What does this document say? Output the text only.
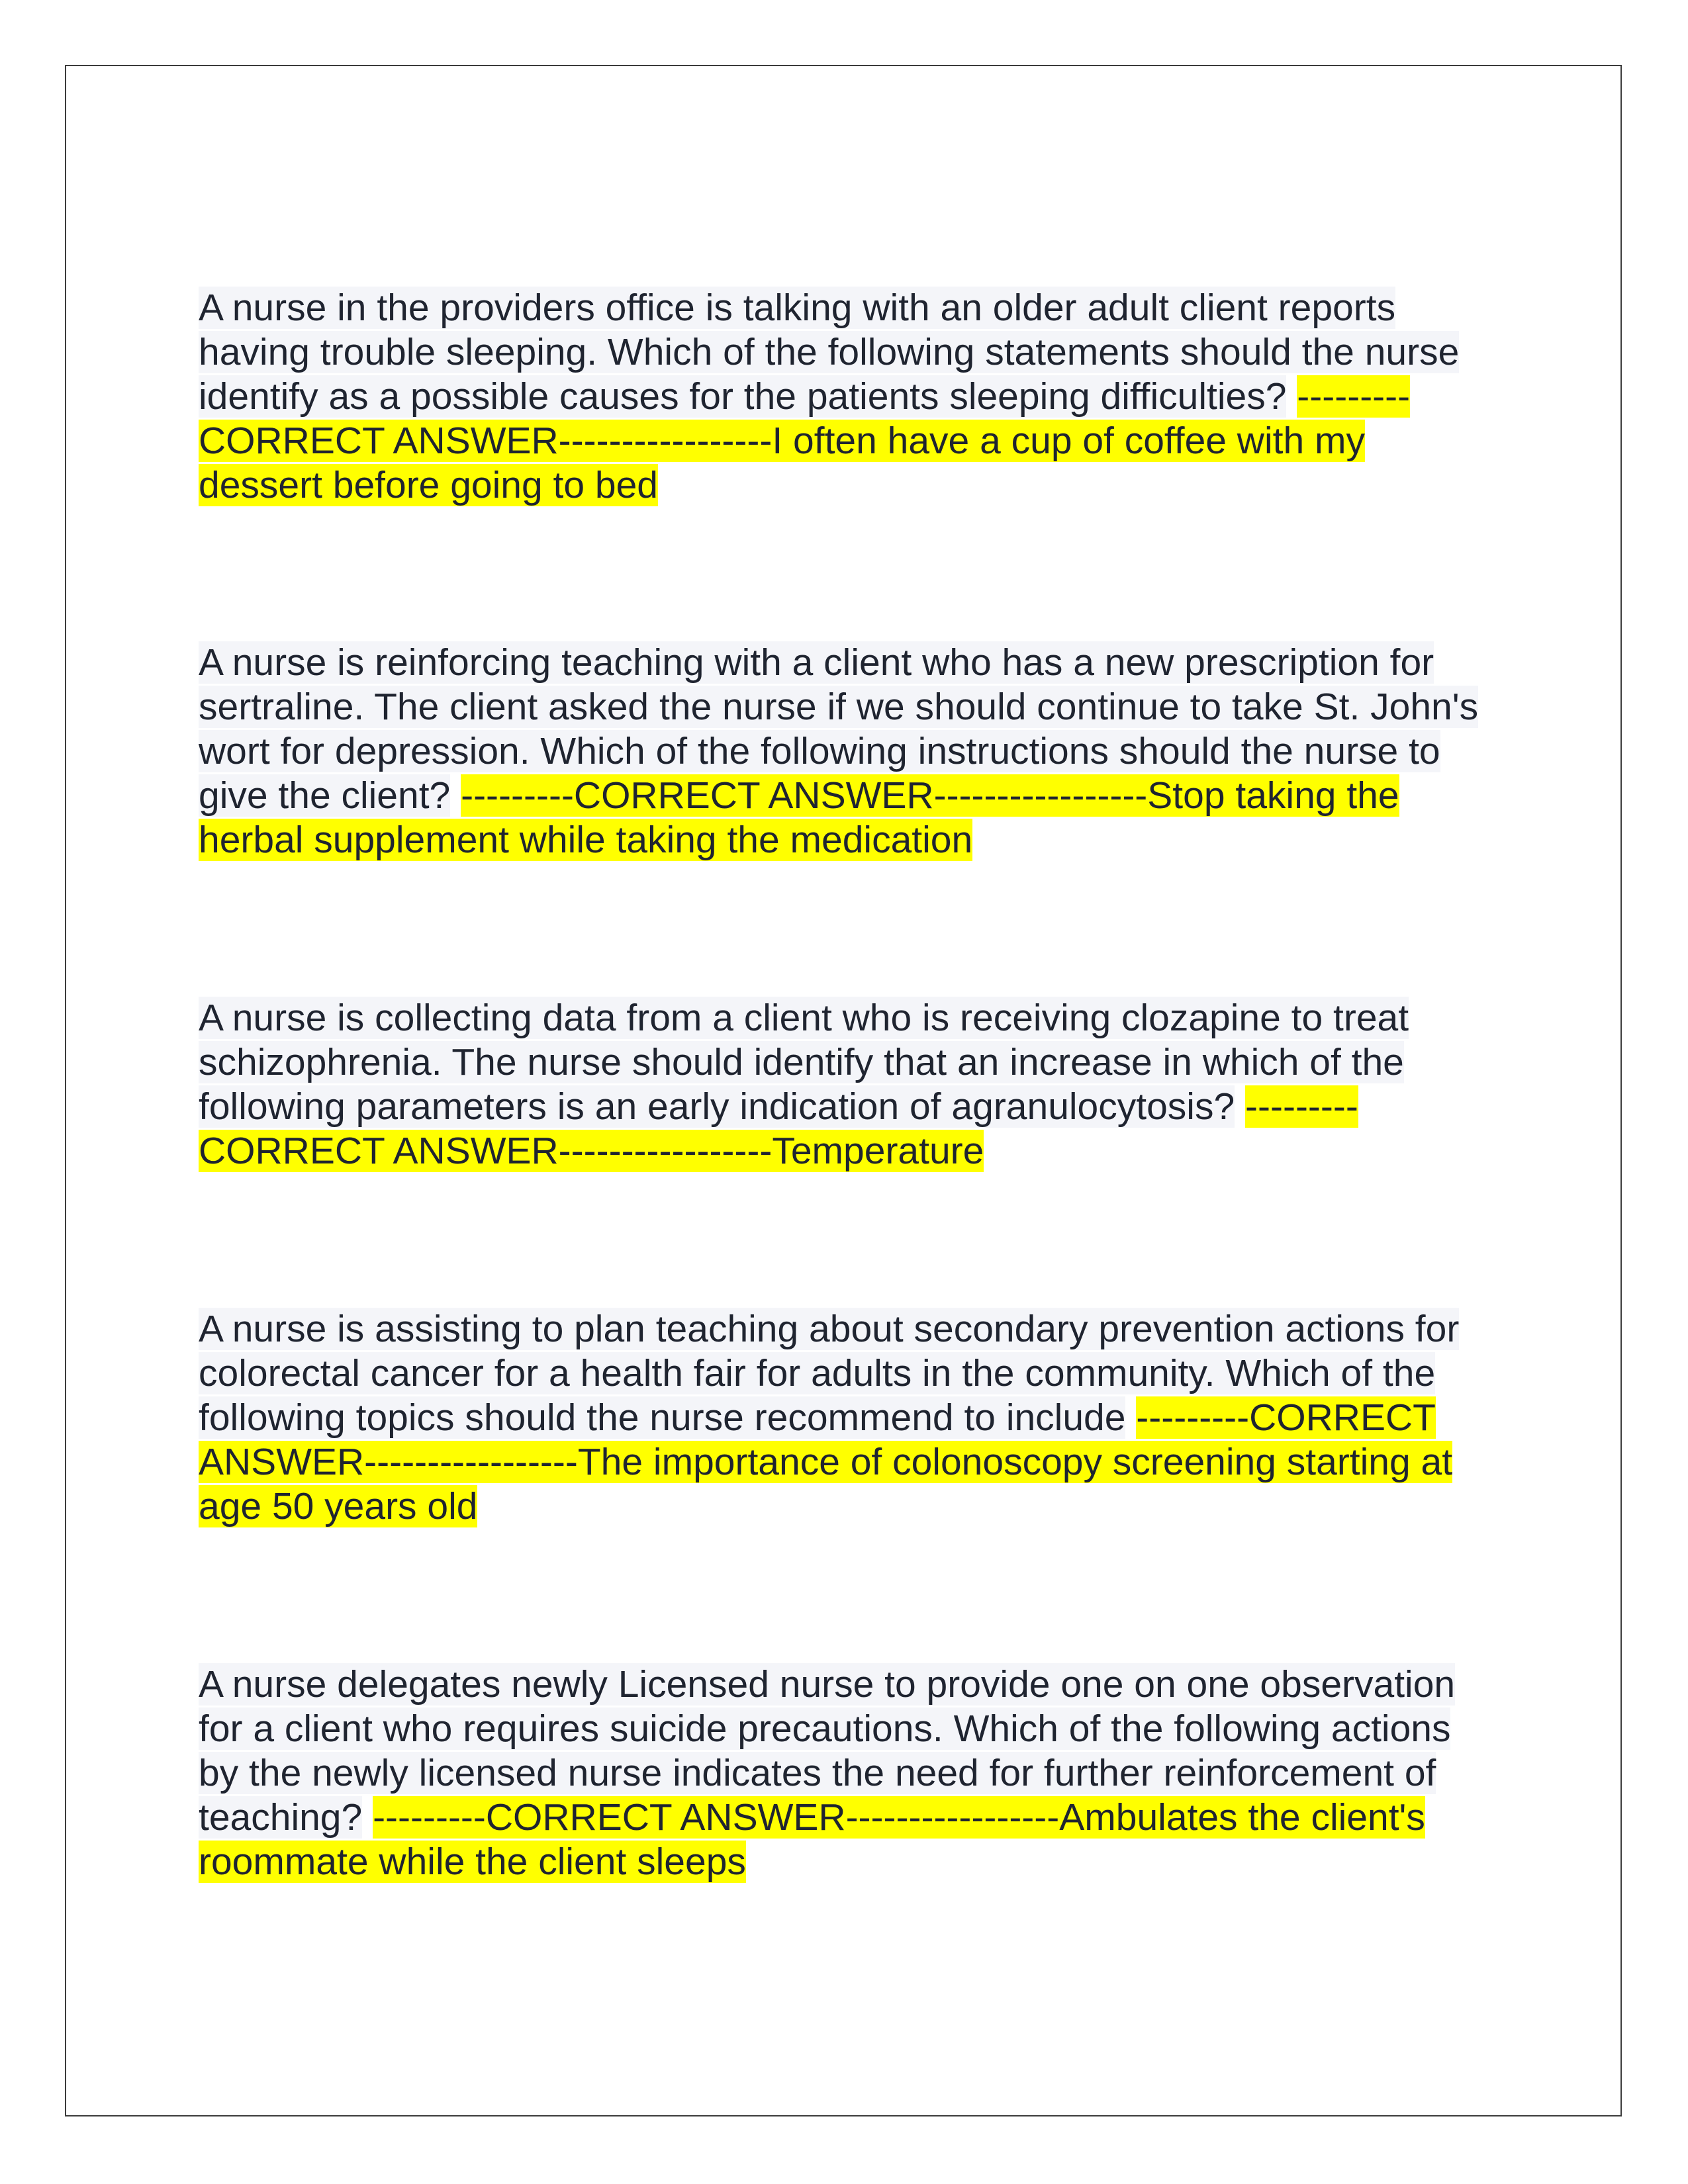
A nurse in the providers office is talking with an older adult client reports having trouble sleeping. Which of the following statements should the nurse identify as a possible causes for the patients sleeping difficulties? ---------CORRECT ANSWER-----------------I often have a cup of coffee with my dessert before going to bed
A nurse is reinforcing teaching with a client who has a new prescription for sertraline. The client asked the nurse if we should continue to take St. John's wort for depression. Which of the following instructions should the nurse to give the client? ---------CORRECT ANSWER-----------------Stop taking the herbal supplement while taking the medication
A nurse is collecting data from a client who is receiving clozapine to treat schizophrenia. The nurse should identify that an increase in which of the following parameters is an early indication of agranulocytosis? ---------CORRECT ANSWER-----------------Temperature
A nurse is assisting to plan teaching about secondary prevention actions for colorectal cancer for a health fair for adults in the community. Which of the following topics should the nurse recommend to include ---------CORRECT ANSWER-----------------The importance of colonoscopy screening starting at age 50 years old
A nurse delegates newly Licensed nurse to provide one on one observation for a client who requires suicide precautions. Which of the following actions by the newly licensed nurse indicates the need for further reinforcement of teaching? ---------CORRECT ANSWER-----------------Ambulates the client's roommate while the client sleeps
